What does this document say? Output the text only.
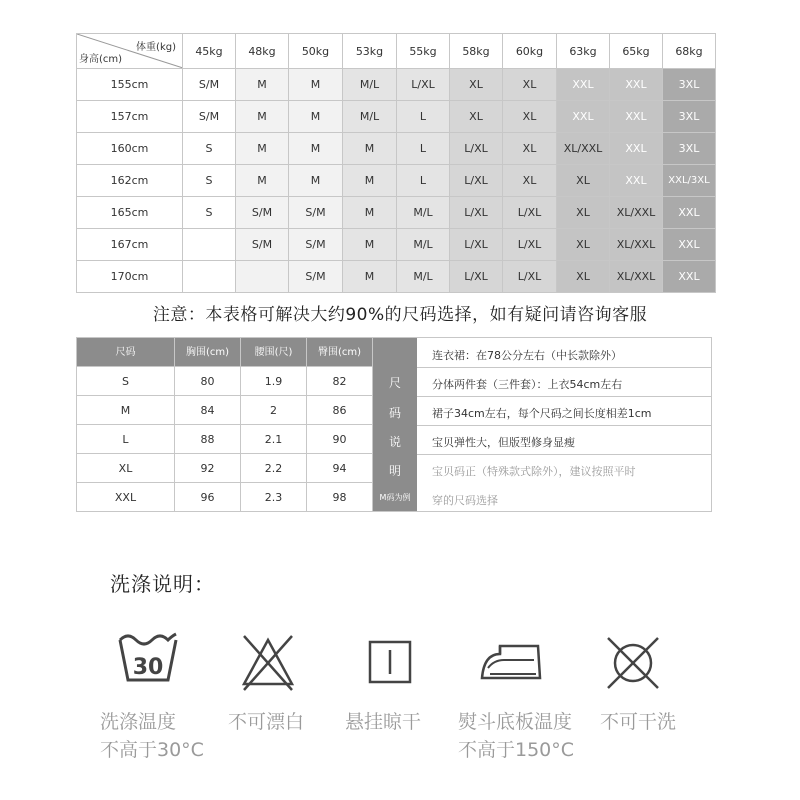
体重(kg)
身高(cm)	45kg	48kg	50kg	53kg	55kg	58kg	60kg	63kg	65kg	68kg
155cm	S/M	M	M	M/L	L/XL	XL	XL	XXL	XXL	3XL
157cm	S/M	M	M	M/L	L	XL	XL	XXL	XXL	3XL
160cm	S	M	M	M	L	L/XL	XL	XL/XXL	XXL	3XL
162cm	S	M	M	M	L	L/XL	XL	XL	XXL	XXL/3XL
165cm	S	S/M	S/M	M	M/L	L/XL	L/XL	XL	XL/XXL	XXL
167cm		S/M	S/M	M	M/L	L/XL	L/XL	XL	XL/XXL	XXL
170cm			S/M	M	M/L	L/XL	L/XL	XL	XL/XXL	XXL
注意：本表格可解决大约90%的尺码选择，如有疑问请咨询客服
尺码	胸围(cm)	腰围(尺)	臀围(cm)
S	80	1.9	82
M	84	2	86
L	88	2.1	90
XL	92	2.2	94
XXL	96	2.3	98
尺
码
说
明
M码为例
连衣裙：在78公分左右（中长款除外）
分体两件套（三件套）：上衣54cm左右
裙子34cm左右，每个尺码之间长度相差1cm
宝贝弹性大，但版型修身显瘦
宝贝码正（特殊款式除外），建议按照平时
穿的尺码选择
洗涤说明：
30
洗涤温度
不高于30°C
不可漂白 悬挂晾干 熨斗底板温度
不高于150°C
不可干洗
